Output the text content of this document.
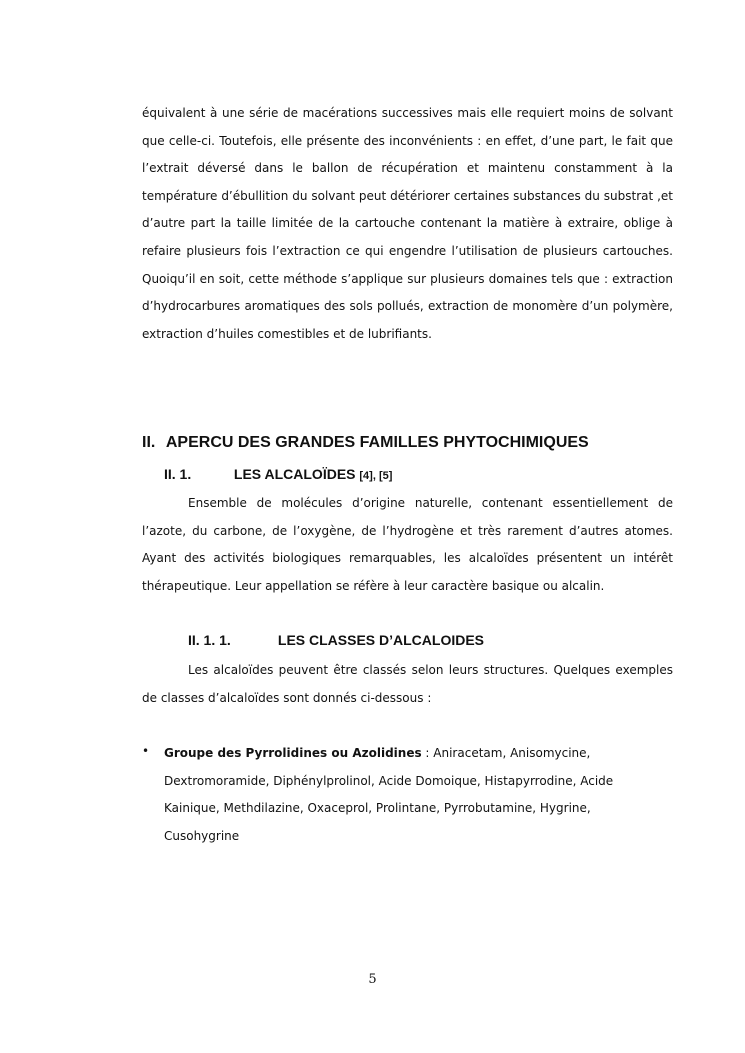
équivalent à une série de macérations successives mais elle requiert moins de solvant que celle-ci. Toutefois, elle présente des inconvénients : en effet, d’une part, le fait que l’extrait déversé dans le ballon de récupération et maintenu constamment à la température d’ébullition du solvant peut détériorer certaines substances du substrat ,et d’autre part la taille limitée de la cartouche contenant la matière à extraire, oblige à refaire plusieurs fois l’extraction ce qui engendre l’utilisation de plusieurs cartouches. Quoiqu’il en soit, cette méthode s’applique sur plusieurs domaines tels que : extraction d’hydrocarbures aromatiques des sols pollués, extraction de monomère d’un polymère, extraction d’huiles comestibles et de lubrifiants.

II. APERCU DES GRANDES FAMILLES PHYTOCHIMIQUES
II. 1.	LES ALCALOÏDES [4], [5]

Ensemble de molécules d’origine naturelle, contenant essentiellement de l’azote, du carbone, de l’oxygène, de l’hydrogène et très rarement d’autres atomes. Ayant des activités biologiques remarquables, les alcaloïdes présentent un intérêt thérapeutique. Leur appellation se réfère à leur caractère basique ou alcalin.

II. 1. 1.	LES CLASSES D’ALCALOIDES

Les alcaloïdes peuvent être classés selon leurs structures. Quelques exemples de classes d’alcaloïdes sont donnés ci-dessous :

• Groupe des Pyrrolidines ou Azolidines : Aniracetam, Anisomycine, Dextromoramide, Diphénylprolinol, Acide Domoique, Histapyrrodine, Acide Kainique, Methdilazine, Oxaceprol, Prolintane, Pyrrobutamine, Hygrine, Cusohygrine

5
